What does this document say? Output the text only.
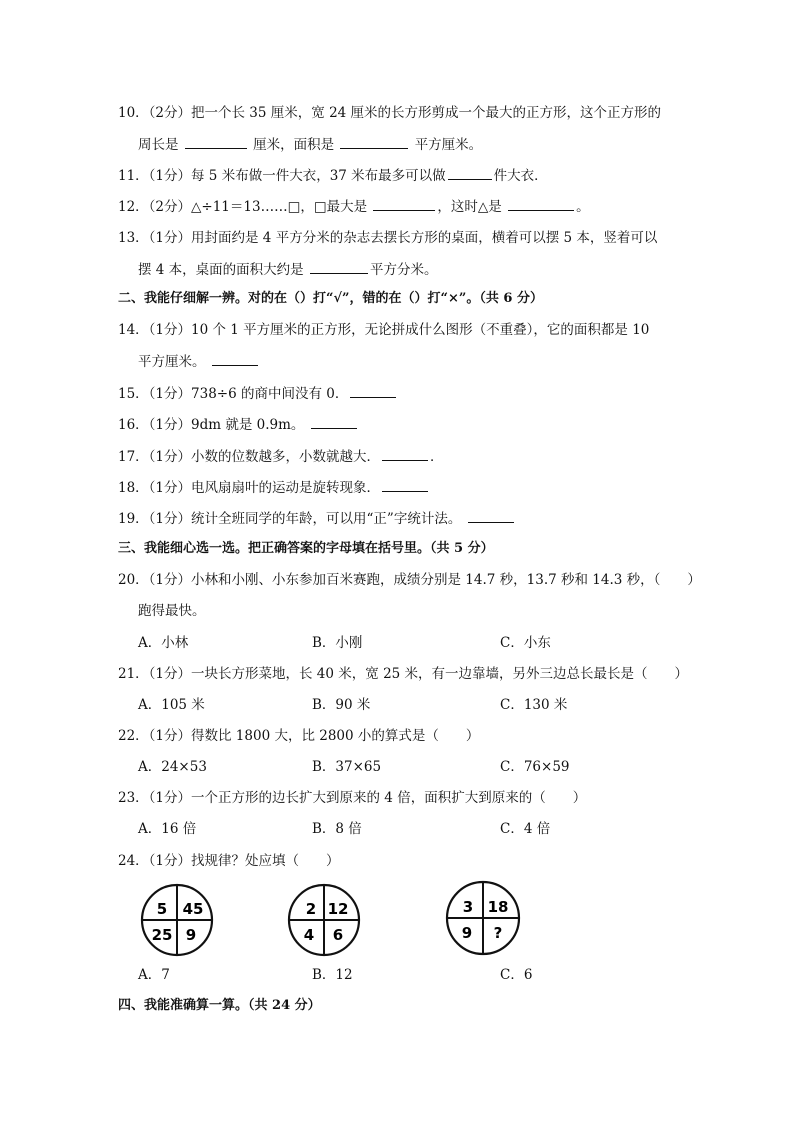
10．（2分）把一个长 35 厘米，宽 24 厘米的长方形剪成一个最大的正方形，这个正方形的
周长是	厘米，面积是	平方厘米。
11．（1分）每 5 米布做一件大衣，37 米布最多可以做	件大衣．
12．（2分）△÷11＝13……□，□最大是	，这时△是	。
13．（1分）用封面约是 4 平方分米的杂志去摆长方形的桌面，横着可以摆 5 本，竖着可以
摆 4 本，桌面的面积大约是	平方分米。
二、我能仔细解一辨。对的在（）打“√”，错的在（）打“×”。（共 6 分）
14．（1分）10 个 1 平方厘米的正方形，无论拼成什么图形（不重叠），它的面积都是 10
平方厘米。
15．（1分）738÷6 的商中间没有 0．
16．（1分）9dm 就是 0.9m。
17．（1分）小数的位数越多，小数就越大．	．
18．（1分）电风扇扇叶的运动是旋转现象．
19．（1分）统计全班同学的年龄，可以用“正”字统计法。
三、我能细心选一选。把正确答案的字母填在括号里。（共 5 分）
20．（1分）小林和小刚、小东参加百米赛跑，成绩分别是 14.7 秒，13.7 秒和 14.3 秒，（　　）
跑得最快。
A．小林	B．小刚	C．小东
21．（1分）一块长方形菜地，长 40 米，宽 25 米，有一边靠墙，另外三边总长最长是（　　）
A．105 米	B．90 米	C．130 米
22．（1分）得数比 1800 大，比 2800 小的算式是（　　）
A．24×53	B．37×65	C．76×59
23．（1分）一个正方形的边长扩大到原来的 4 倍，面积扩大到原来的（　　）
A．16 倍	B．8 倍	C．4 倍
24．（1分）找规律？处应填（　　）
5 45
25 9
2 12
4 6
3 18
9 ?
A．7	B．12	C．6
四、我能准确算一算。（共 24 分）
